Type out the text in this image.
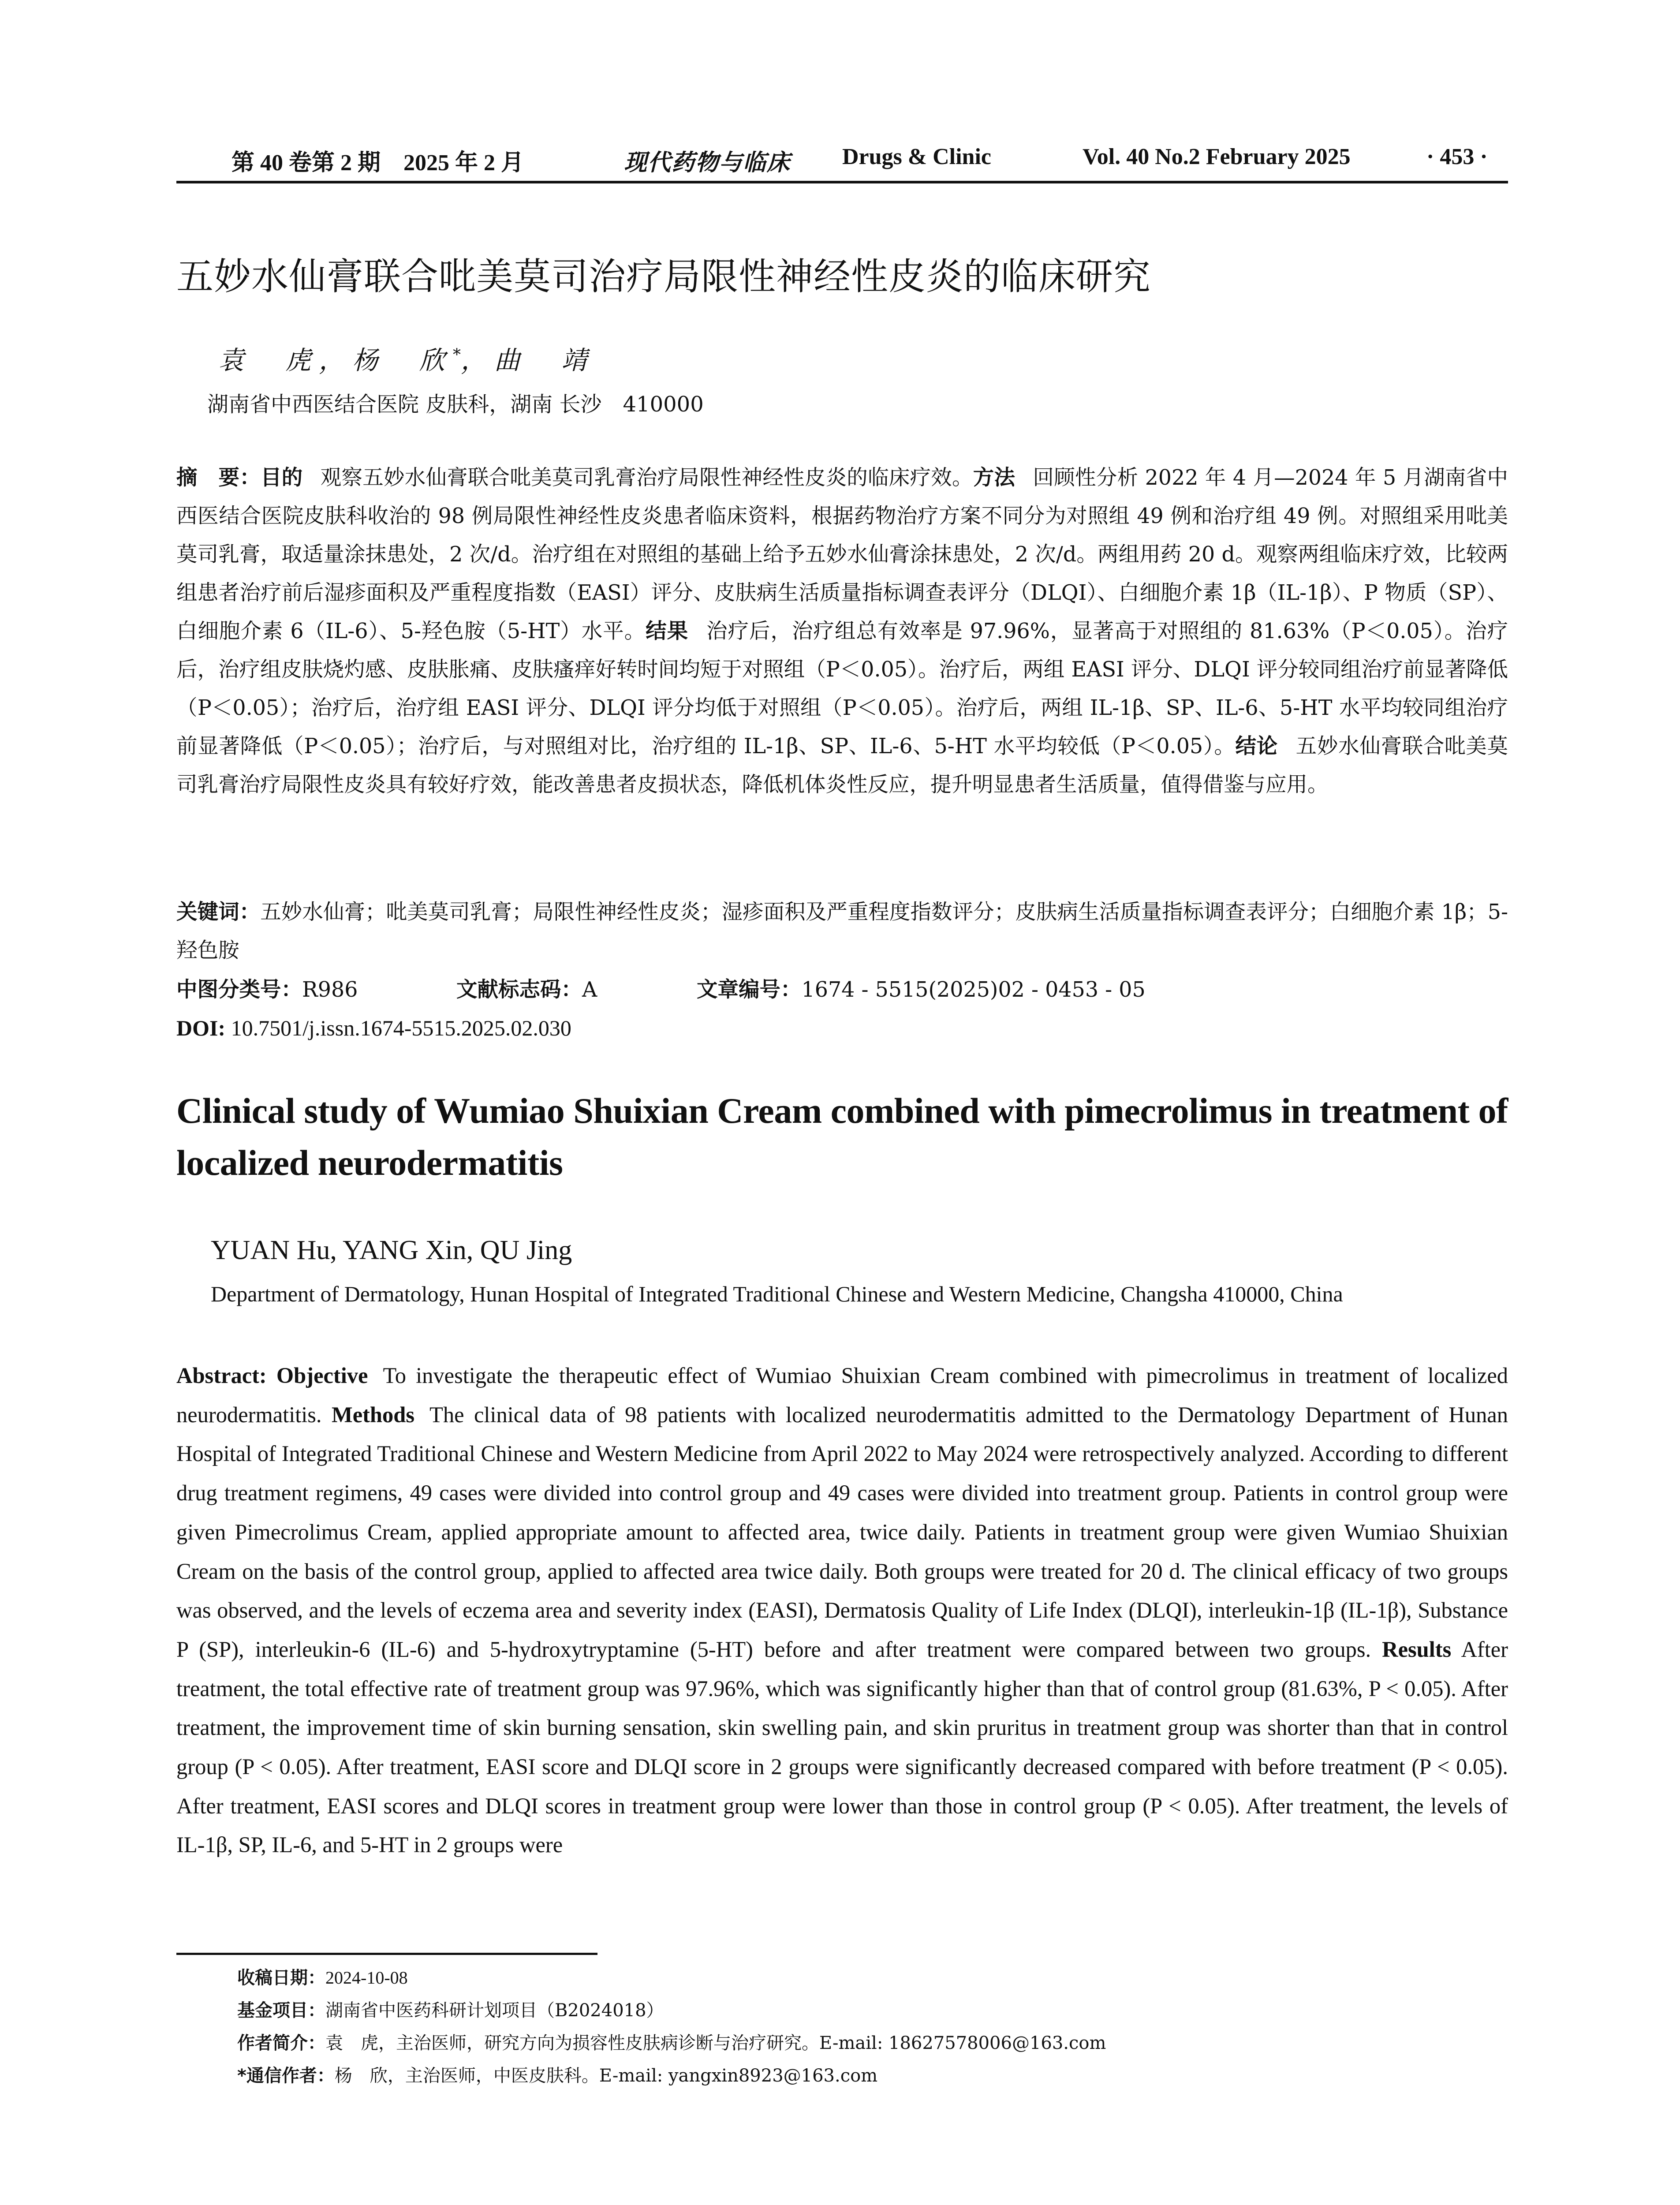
第 40 卷第 2 期　2025 年 2 月	现代药物与临床 Drugs & Clinic	Vol. 40 No.2 February 2025	· 453 ·
五妙水仙膏联合吡美莫司治疗局限性神经性皮炎的临床研究
袁　虎，杨　欣*，曲　靖
湖南省中西医结合医院 皮肤科，湖南 长沙　410000

摘　要：目的 观察五妙水仙膏联合吡美莫司乳膏治疗局限性神经性皮炎的临床疗效。方法 回顾性分析 2022 年 4 月—2024 年 5 月湖南省中西医结合医院皮肤科收治的 98 例局限性神经性皮炎患者临床资料，根据药物治疗方案不同分为对照组 49 例和治疗组 49 例。对照组采用吡美莫司乳膏，取适量涂抹患处，2 次/d。治疗组在对照组的基础上给予五妙水仙膏涂抹患处，2 次/d。两组用药 20 d。观察两组临床疗效，比较两组患者治疗前后湿疹面积及严重程度指数（EASI）评分、皮肤病生活质量指标调查表评分（DLQI）、白细胞介素 1β（IL-1β）、P 物质（SP）、白细胞介素 6（IL-6）、5-羟色胺（5-HT）水平。结果 治疗后，治疗组总有效率是 97.96%，显著高于对照组的 81.63%（P＜0.05）。治疗后，治疗组皮肤烧灼感、皮肤胀痛、皮肤瘙痒好转时间均短于对照组（P＜0.05）。治疗后，两组 EASI 评分、DLQI 评分较同组治疗前显著降低（P＜0.05）；治疗后，治疗组 EASI 评分、DLQI 评分均低于对照组（P＜0.05）。治疗后，两组 IL-1β、SP、IL-6、5-HT 水平均较同组治疗前显著降低（P＜0.05）；治疗后，与对照组对比，治疗组的 IL-1β、SP、IL-6、5-HT 水平均较低（P＜0.05）。结论 五妙水仙膏联合吡美莫司乳膏治疗局限性皮炎具有较好疗效，能改善患者皮损状态，降低机体炎性反应，提升明显患者生活质量，值得借鉴与应用。

关键词：五妙水仙膏；吡美莫司乳膏；局限性神经性皮炎；湿疹面积及严重程度指数评分；皮肤病生活质量指标调查表评分；白细胞介素 1β；5-羟色胺

中图分类号：R986	文献标志码：A	文章编号：1674 - 5515(2025)02 - 0453 - 05
DOI: 10.7501/j.issn.1674-5515.2025.02.030
Clinical study of Wumiao Shuixian Cream combined with pimecrolimus in treatment of localized neurodermatitis
YUAN Hu, YANG Xin, QU Jing
Department of Dermatology, Hunan Hospital of Integrated Traditional Chinese and Western Medicine, Changsha 410000, China

Abstract: Objective To investigate the therapeutic effect of Wumiao Shuixian Cream combined with pimecrolimus in treatment of localized neurodermatitis. Methods The clinical data of 98 patients with localized neurodermatitis admitted to the Dermatology Department of Hunan Hospital of Integrated Traditional Chinese and Western Medicine from April 2022 to May 2024 were retrospectively analyzed. According to different drug treatment regimens, 49 cases were divided into control group and 49 cases were divided into treatment group. Patients in control group were given Pimecrolimus Cream, applied appropriate amount to affected area, twice daily. Patients in treatment group were given Wumiao Shuixian Cream on the basis of the control group, applied to affected area twice daily. Both groups were treated for 20 d. The clinical efficacy of two groups was observed, and the levels of eczema area and severity index (EASI), Dermatosis Quality of Life Index (DLQI), interleukin-1β (IL-1β), Substance P (SP), interleukin-6 (IL-6) and 5-hydroxytryptamine (5-HT) before and after treatment were compared between two groups. Results After treatment, the total effective rate of treatment group was 97.96%, which was significantly higher than that of control group (81.63%, P < 0.05). After treatment, the improvement time of skin burning sensation, skin swelling pain, and skin pruritus in treatment group was shorter than that in control group (P < 0.05). After treatment, EASI score and DLQI score in 2 groups were significantly decreased compared with before treatment (P < 0.05). After treatment, EASI scores and DLQI scores in treatment group were lower than those in control group (P < 0.05). After treatment, the levels of IL-1β, SP, IL-6, and 5-HT in 2 groups were

收稿日期：2024-10-08
基金项目：湖南省中医药科研计划项目（B2024018）
作者简介：袁　虎，主治医师，研究方向为损容性皮肤病诊断与治疗研究。E-mail: 18627578006@163.com
*通信作者：杨　欣，主治医师，中医皮肤科。E-mail: yangxin8923@163.com
